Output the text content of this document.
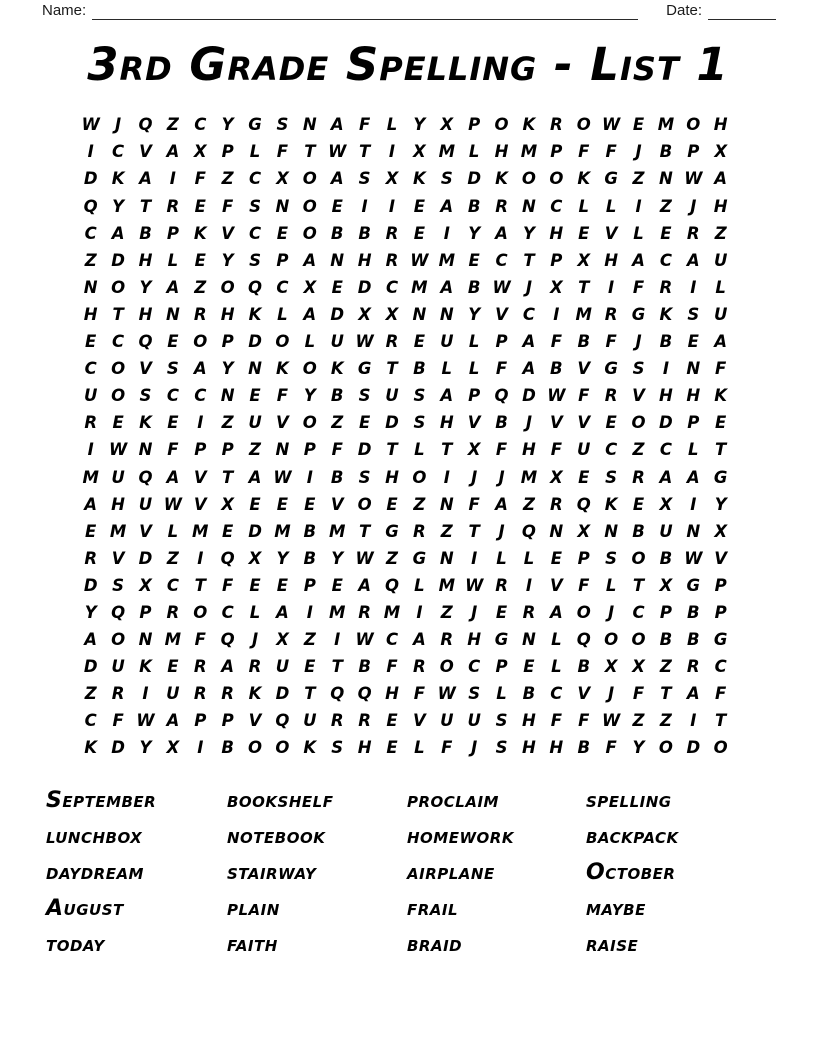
Name:	Date:
3rd Grade Spelling - List 1
W J	Q Z C Y G S N A F	L Y X P O K R O W E M O H
I	C V A X P L F T W T	I	X M L H M P F F	J	B P X
D K A	I	F Z C X O A S X K S D K O O K G Z N W A
Q Y T R E F S N O E	I	I	E A B R N C L	L	I	Z	J	H
C A B P K V C E O B B R E	I	Y A Y H E V L E R Z
Z D H L E Y S P A N H R W M E C T P X H A C A U
N O Y A Z O Q C X E D C M A B W J	X T	I	F R	I	L
H T H N R H K L A D X X N N Y V C	I M R G K S U
E C Q E O P D O L U W R E U L P A F B F	J	B E A
C O V S A Y N K O K G T B L	L F A B V G S	I	N F
U O S C C N E F Y B S U S A P Q D W F R V H H K
R E K E	I	Z U V O Z E D S H V B	J	V V E O D P E
I W N F P P Z N P F D T	L	T X F H F U C Z C L	T
M U Q A V T A W I	B S H O	I	J	J M X E S R A A G
A H U W V X E E E V O E Z N F A Z R Q K E X	I	Y
E M V L M E D M B M T G R Z T	J	Q N X N B U N X
R V D Z	I	Q X Y B Y W Z G N	I	L	L E P S O B W V
D S X C T F E E P E A Q L M W R	I	V F	L	T X G P
Y Q P R O C L A	I M R M I	Z	J	E R A O	J	C P B P
A O N M F Q	J	X Z	I W C A R H G N L Q O O B B G
D U K E R A R U E T B F R O C P E	L B X X Z R C
Z R	I	U R R K D T Q Q H F W S L B C V	J	F T A F
C F W A P P V Q U R R E V U U S H F F W Z Z	I	T
K D Y X	I	B O O K S H E	L F	J	S H H B F Y O D O
September	bookshelf	proclaim	spelling
lunchbox	notebook	homework	backpack
daydream	stairway	airplane	October
August	plain	frail	maybe
today	faith	braid	raise
